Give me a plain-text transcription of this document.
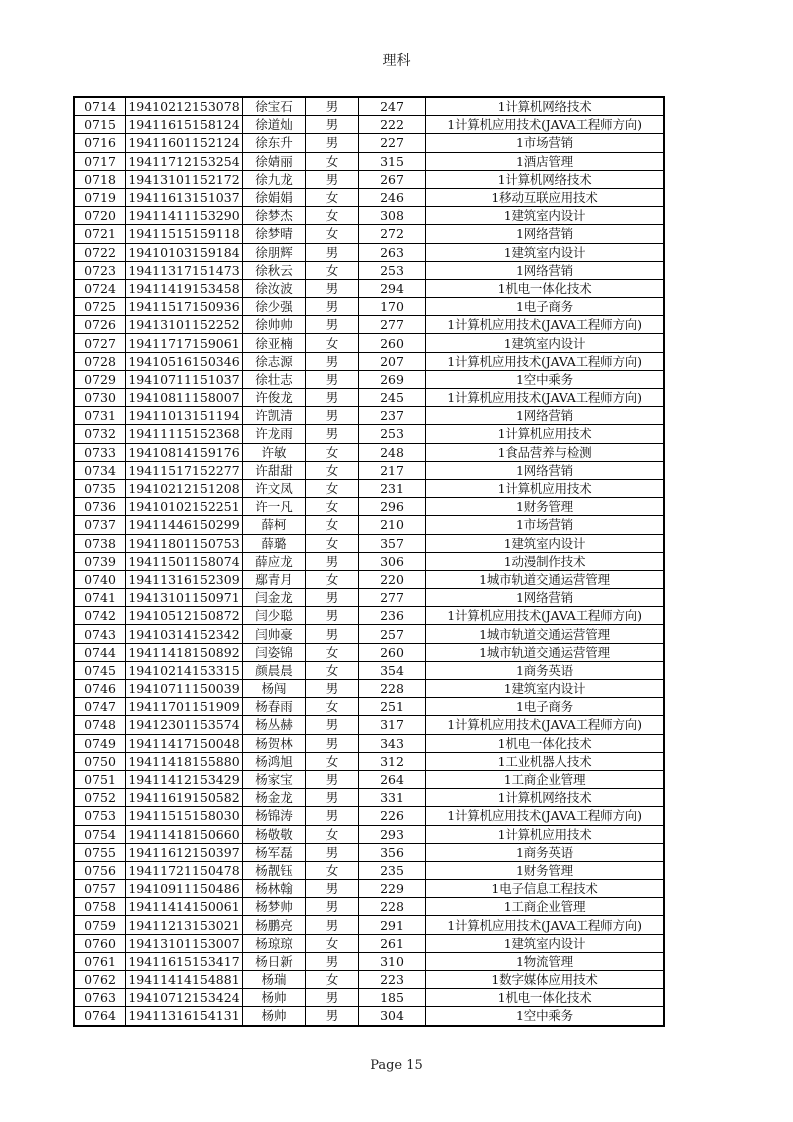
理科
0714	19410212153078	徐宝石	男	247	1计算机网络技术
0715	19411615158124	徐道灿	男	222	1计算机应用技术(JAVA工程师方向)
0716	19411601152124	徐东升	男	227	1市场营销
0717	19411712153254	徐婧丽	女	315	1酒店管理
0718	19413101152172	徐九龙	男	267	1计算机网络技术
0719	19411613151037	徐娟娟	女	246	1移动互联应用技术
0720	19411411153290	徐梦杰	女	308	1建筑室内设计
0721	19411515159118	徐梦晴	女	272	1网络营销
0722	19410103159184	徐朋辉	男	263	1建筑室内设计
0723	19411317151473	徐秋云	女	253	1网络营销
0724	19411419153458	徐汝波	男	294	1机电一体化技术
0725	19411517150936	徐少强	男	170	1电子商务
0726	19413101152252	徐帅帅	男	277	1计算机应用技术(JAVA工程师方向)
0727	19411717159061	徐亚楠	女	260	1建筑室内设计
0728	19410516150346	徐志源	男	207	1计算机应用技术(JAVA工程师方向)
0729	19410711151037	徐壮志	男	269	1空中乘务
0730	19410811158007	许俊龙	男	245	1计算机应用技术(JAVA工程师方向)
0731	19411013151194	许凯清	男	237	1网络营销
0732	19411115152368	许龙雨	男	253	1计算机应用技术
0733	19410814159176	许敏	女	248	1食品营养与检测
0734	19411517152277	许甜甜	女	217	1网络营销
0735	19410212151208	许文凤	女	231	1计算机应用技术
0736	19410102152251	许一凡	女	296	1财务管理
0737	19411446150299	薛柯	女	210	1市场营销
0738	19411801150753	薛璐	女	357	1建筑室内设计
0739	19411501158074	薛应龙	男	306	1动漫制作技术
0740	19411316152309	鄢青月	女	220	1城市轨道交通运营管理
0741	19413101150971	闫金龙	男	277	1网络营销
0742	19410512150872	闫少聪	男	236	1计算机应用技术(JAVA工程师方向)
0743	19410314152342	闫帅豪	男	257	1城市轨道交通运营管理
0744	19411418150892	闫姿锦	女	260	1城市轨道交通运营管理
0745	19410214153315	颜晨晨	女	354	1商务英语
0746	19410711150039	杨闯	男	228	1建筑室内设计
0747	19411701151909	杨春雨	女	251	1电子商务
0748	19412301153574	杨丛赫	男	317	1计算机应用技术(JAVA工程师方向)
0749	19411417150048	杨贺林	男	343	1机电一体化技术
0750	19411418155880	杨鸿旭	女	312	1工业机器人技术
0751	19411412153429	杨家宝	男	264	1工商企业管理
0752	19411619150582	杨金龙	男	331	1计算机网络技术
0753	19411515158030	杨锦涛	男	226	1计算机应用技术(JAVA工程师方向)
0754	19411418150660	杨敬敬	女	293	1计算机应用技术
0755	19411612150397	杨军磊	男	356	1商务英语
0756	19411721150478	杨靓钰	女	235	1财务管理
0757	19410911150486	杨林翰	男	229	1电子信息工程技术
0758	19411414150061	杨梦帅	男	228	1工商企业管理
0759	19411213153021	杨鹏亮	男	291	1计算机应用技术(JAVA工程师方向)
0760	19413101153007	杨琼琼	女	261	1建筑室内设计
0761	19411615153417	杨日新	男	310	1物流管理
0762	19411414154881	杨瑞	女	223	1数字媒体应用技术
0763	19410712153424	杨帅	男	185	1机电一体化技术
0764	19411316154131	杨帅	男	304	1空中乘务
Page 15
